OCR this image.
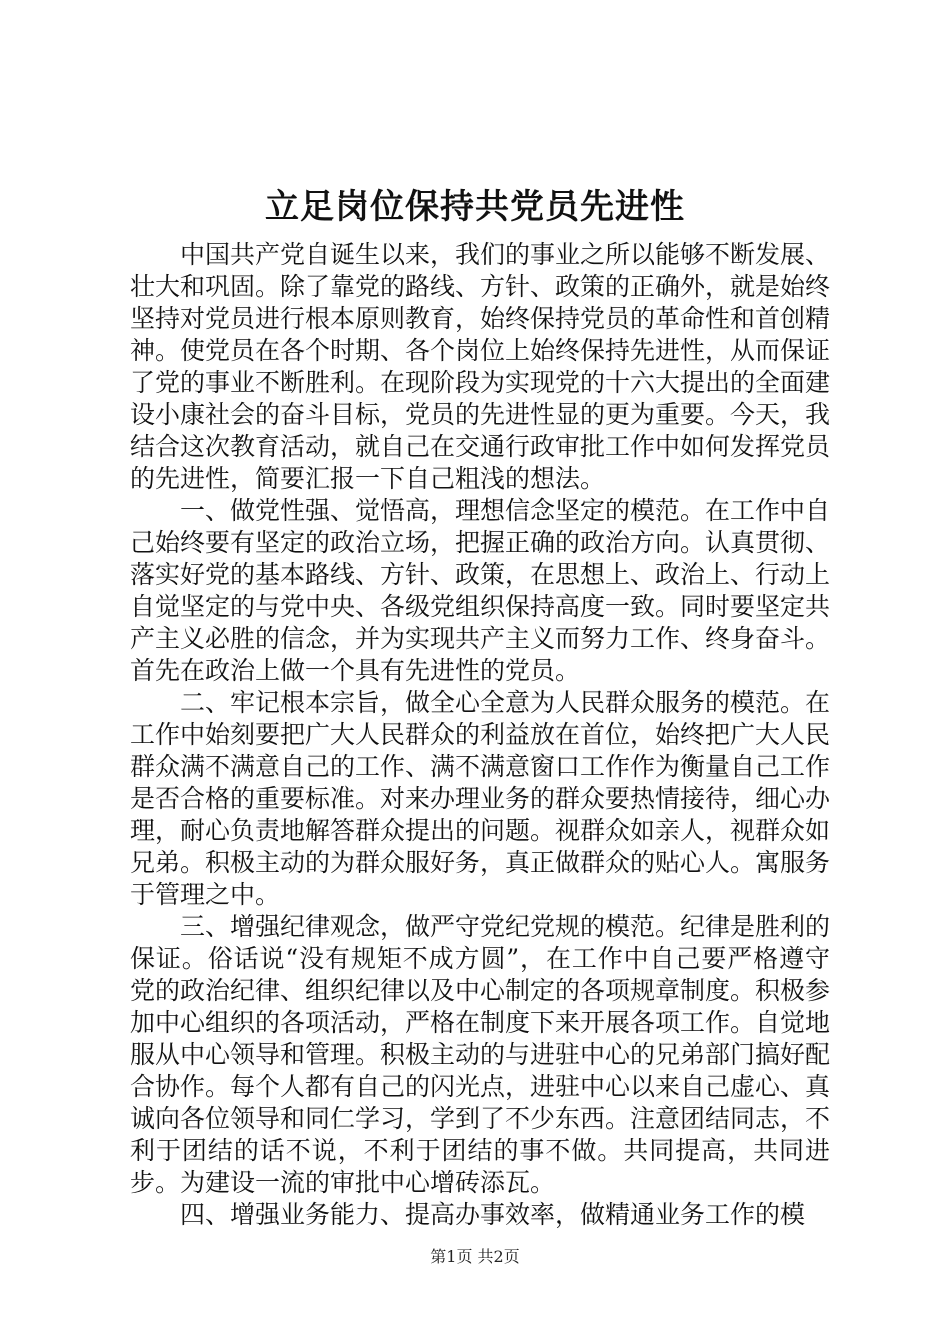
立足岗位保持共党员先进性

中国共产党自诞生以来，我们的事业之所以能够不断发展、壮大和巩固。除了靠党的路线、方针、政策的正确外，就是始终坚持对党员进行根本原则教育，始终保持党员的革命性和首创精神。使党员在各个时期、各个岗位上始终保持先进性，从而保证了党的事业不断胜利。在现阶段为实现党的十六大提出的全面建设小康社会的奋斗目标，党员的先进性显的更为重要。今天，我结合这次教育活动，就自己在交通行政审批工作中如何发挥党员的先进性，简要汇报一下自己粗浅的想法。

一、做党性强、觉悟高，理想信念坚定的模范。在工作中自己始终要有坚定的政治立场，把握正确的政治方向。认真贯彻、落实好党的基本路线、方针、政策，在思想上、政治上、行动上自觉坚定的与党中央、各级党组织保持高度一致。同时要坚定共产主义必胜的信念，并为实现共产主义而努力工作、终身奋斗。首先在政治上做一个具有先进性的党员。

二、牢记根本宗旨，做全心全意为人民群众服务的模范。在工作中始刻要把广大人民群众的利益放在首位，始终把广大人民群众满不满意自己的工作、满不满意窗口工作作为衡量自己工作是否合格的重要标准。对来办理业务的群众要热情接待，细心办理，耐心负责地解答群众提出的问题。视群众如亲人，视群众如兄弟。积极主动的为群众服好务，真正做群众的贴心人。寓服务于管理之中。

三、增强纪律观念，做严守党纪党规的模范。纪律是胜利的保证。俗话说“没有规矩不成方圆”，在工作中自己要严格遵守党的政治纪律、组织纪律以及中心制定的各项规章制度。积极参加中心组织的各项活动，严格在制度下来开展各项工作。自觉地服从中心领导和管理。积极主动的与进驻中心的兄弟部门搞好配合协作。每个人都有自己的闪光点，进驻中心以来自己虚心、真诚向各位领导和同仁学习，学到了不少东西。注意团结同志，不利于团结的话不说，不利于团结的事不做。共同提高，共同进步。为建设一流的审批中心增砖添瓦。

四、增强业务能力、提高办事效率，做精通业务工作的模

第1页 共2页
